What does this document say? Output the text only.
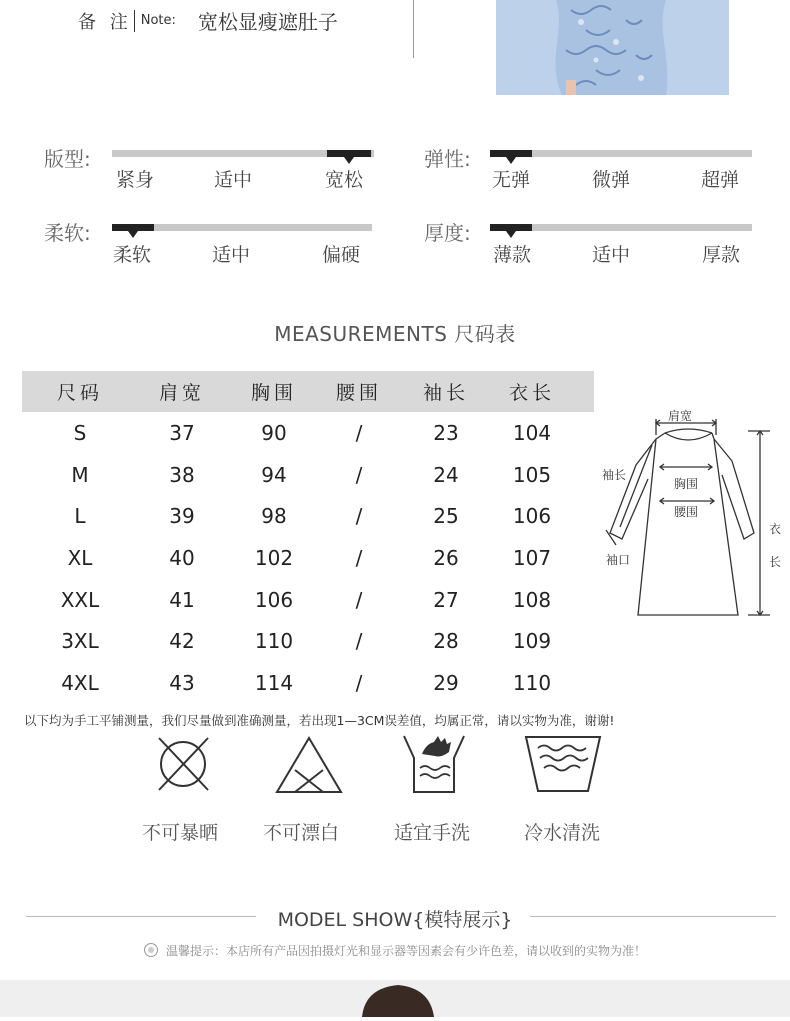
备 注 Note: 宽松显瘦遮肚子
版型:
紧身	适中	宽松
弹性:
无弹	微弹	超弹
柔软:
柔软	适中	偏硬
厚度:
薄款	适中	厚款
MEASUREMENTS 尺码表
尺码	肩宽	胸围	腰围	袖长	衣长
S	37	90	/	23	104
M	38	94	/	24	105
L	39	98	/	25	106
XL	40	102	/	26	107
XXL	41	106	/	27	108
3XL	42	110	/	28	109
4XL	43	114	/	29	110
肩宽
袖长
胸围
腰围
袖口
衣
长
以下均为手工平铺测量，我们尽量做到准确测量，若出现1—3CM误差值，均属正常，请以实物为准，谢谢!
不可暴晒 不可漂白	适宜手洗	冷水清洗
MODEL SHOW{模特展示}
温馨提示：本店所有产品因拍摄灯光和显示器等因素会有少许色差，请以收到的实物为准！
